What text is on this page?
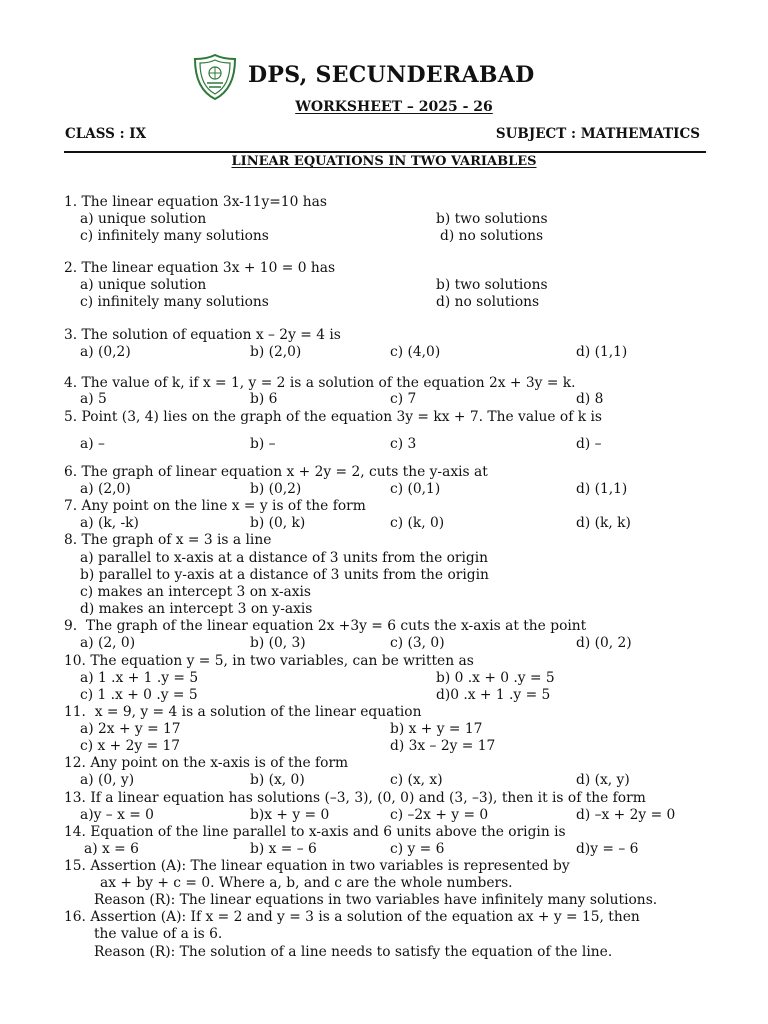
DPS, SECUNDERABAD
WORKSHEET – 2025 - 26
CLASS : IX	SUBJECT : MATHEMATICS
LINEAR EQUATIONS IN TWO VARIABLES
1. The linear equation 3x-11y=10 has
a) unique solution	b) two solutions
c) infinitely many solutions	d) no solutions
2. The linear equation 3x + 10 = 0 has
a) unique solution	b) two solutions
c) infinitely many solutions	d) no solutions
3. The solution of equation x – 2y = 4 is
a) (0,2)	b) (2,0)	c) (4,0)	d) (1,1)
4. The value of k, if x = 1, y = 2 is a solution of the equation 2x + 3y = k.
a) 5	b) 6	c) 7	d) 8
5. Point (3, 4) lies on the graph of the equation 3y = kx + 7. The value of k is
a) –	b) –	c) 3	d) –
6. The graph of linear equation x + 2y = 2, cuts the y-axis at
a) (2,0)	b) (0,2)	c) (0,1)	d) (1,1)
7. Any point on the line x = y is of the form
a) (k, -k)	b) (0, k)	c) (k, 0)	d) (k, k)
8. The graph of x = 3 is a line
a) parallel to x-axis at a distance of 3 units from the origin
b) parallel to y-axis at a distance of 3 units from the origin
c) makes an intercept 3 on x-axis
d) makes an intercept 3 on y-axis
9.  The graph of the linear equation 2x +3y = 6 cuts the x-axis at the point
a) (2, 0)	b) (0, 3)	c) (3, 0)	d) (0, 2)
10. The equation y = 5, in two variables, can be written as
a) 1 .x + 1 .y = 5	b) 0 .x + 0 .y = 5
c) 1 .x + 0 .y = 5	d)0 .x + 1 .y = 5
11.  x = 9, y = 4 is a solution of the linear equation
a) 2x + y = 17	b) x + y = 17
c) x + 2y = 17	d) 3x – 2y = 17
12. Any point on the x-axis is of the form
a) (0, y)	b) (x, 0)	c) (x, x)	d) (x, y)
13. If a linear equation has solutions (–3, 3), (0, 0) and (3, –3), then it is of the form
a)y – x = 0	b)x + y = 0	c) –2x + y = 0	d) –x + 2y = 0
14. Equation of the line parallel to x-axis and 6 units above the origin is
a) x = 6	b) x = – 6	c) y = 6	d)y = – 6
15. Assertion (A): The linear equation in two variables is represented by
ax + by + c = 0. Where a, b, and c are the whole numbers.
Reason (R): The linear equations in two variables have infinitely many solutions.
16. Assertion (A): If x = 2 and y = 3 is a solution of the equation ax + y = 15, then
the value of a is 6.
Reason (R): The solution of a line needs to satisfy the equation of the line.
